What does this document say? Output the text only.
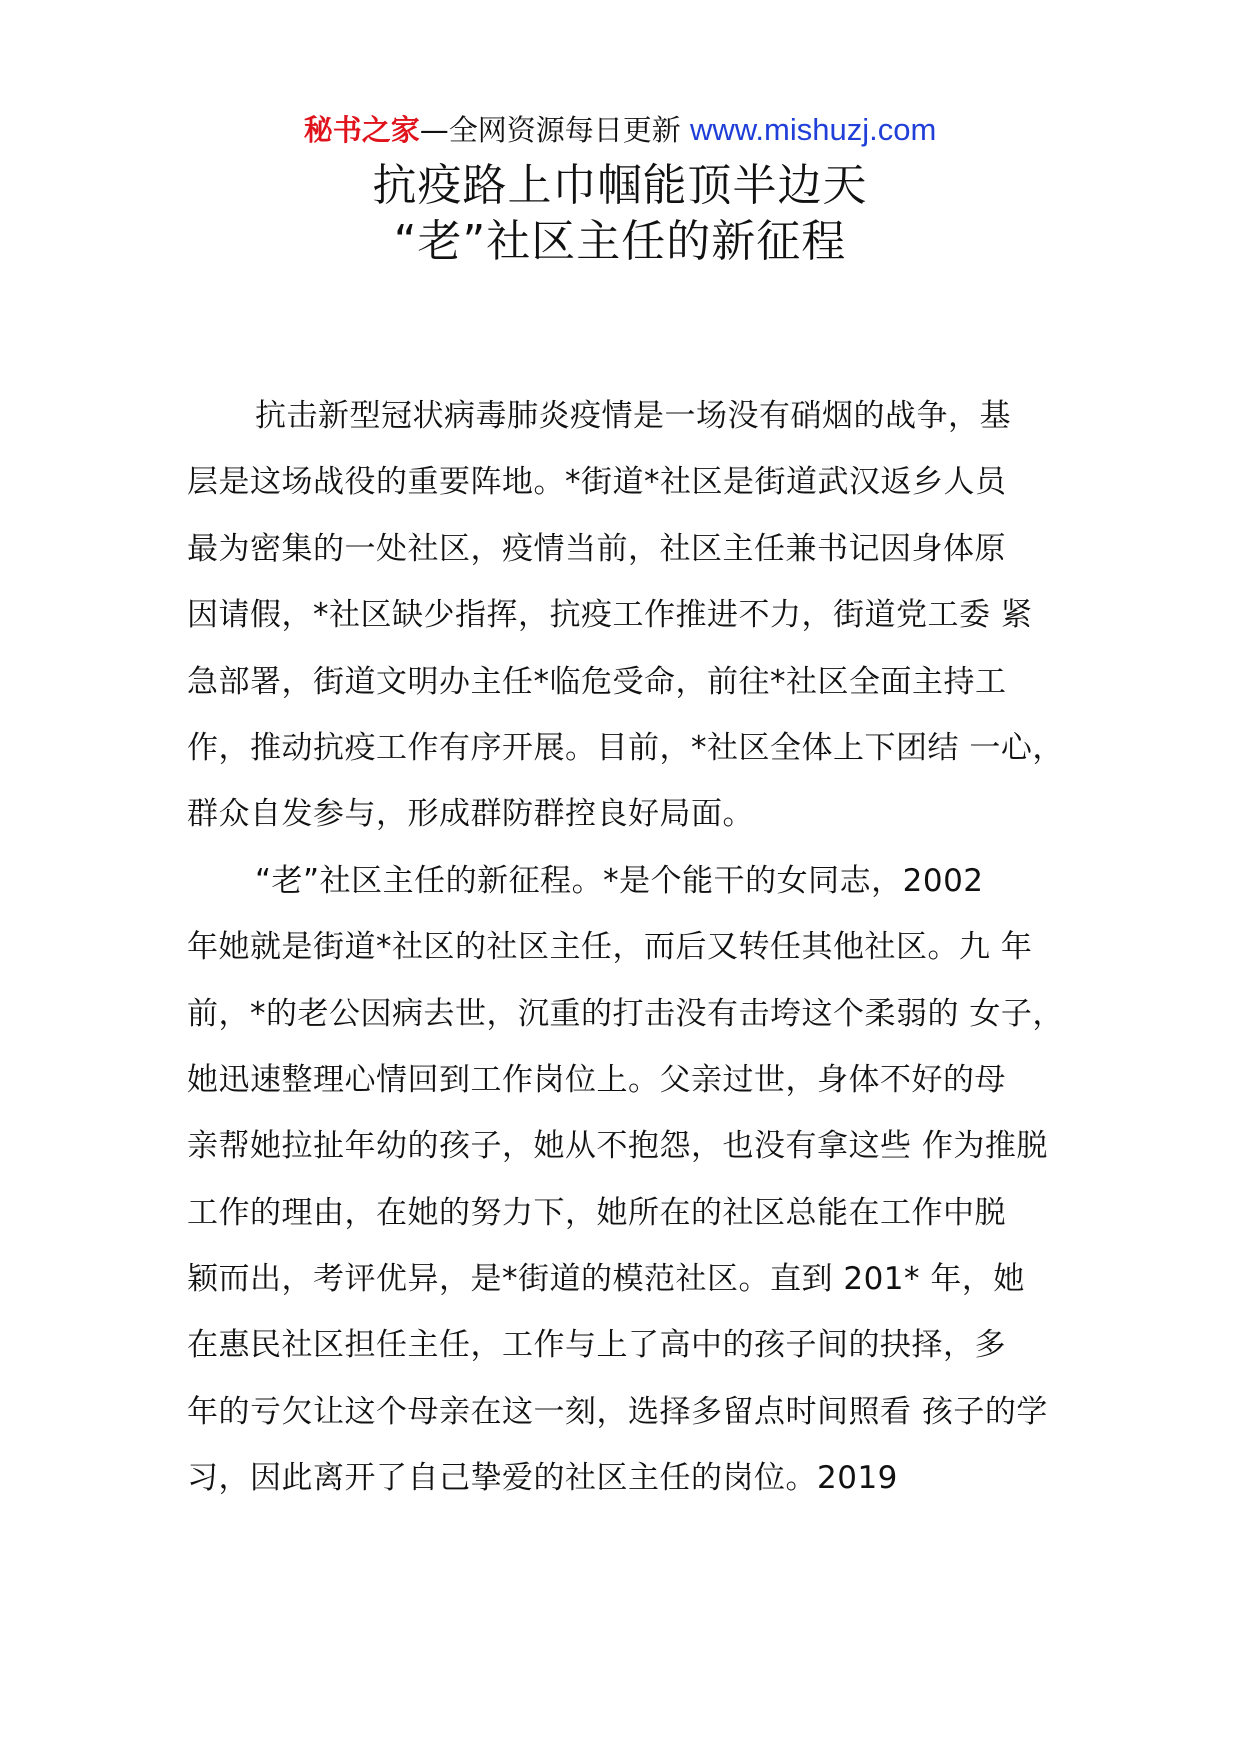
秘书之家—全网资源每日更新 www.mishuzj.com
抗疫路上巾帼能顶半边天
“老”社区主任的新征程
抗击新型冠状病毒肺炎疫情是一场没有硝烟的战争，基
层是这场战役的重要阵地。*街道*社区是街道武汉返乡人员
最为密集的一处社区，疫情当前，社区主任兼书记因身体原
因请假，*社区缺少指挥，抗疫工作推进不力，街道党工委 紧
急部署，街道文明办主任*临危受命，前往*社区全面主持工
作，推动抗疫工作有序开展。目前，*社区全体上下团结 一心，
群众自发参与，形成群防群控良好局面。
“老”社区主任的新征程。*是个能干的女同志，2002
年她就是街道*社区的社区主任，而后又转任其他社区。九 年
前，*的老公因病去世，沉重的打击没有击垮这个柔弱的 女子，
她迅速整理心情回到工作岗位上。父亲过世，身体不好的母
亲帮她拉扯年幼的孩子，她从不抱怨，也没有拿这些 作为推脱
工作的理由，在她的努力下，她所在的社区总能在工作中脱
颖而出，考评优异，是*街道的模范社区。直到 201* 年，她
在惠民社区担任主任，工作与上了高中的孩子间的抉择，多
年的亏欠让这个母亲在这一刻，选择多留点时间照看 孩子的学
习，因此离开了自己挚爱的社区主任的岗位。2019
